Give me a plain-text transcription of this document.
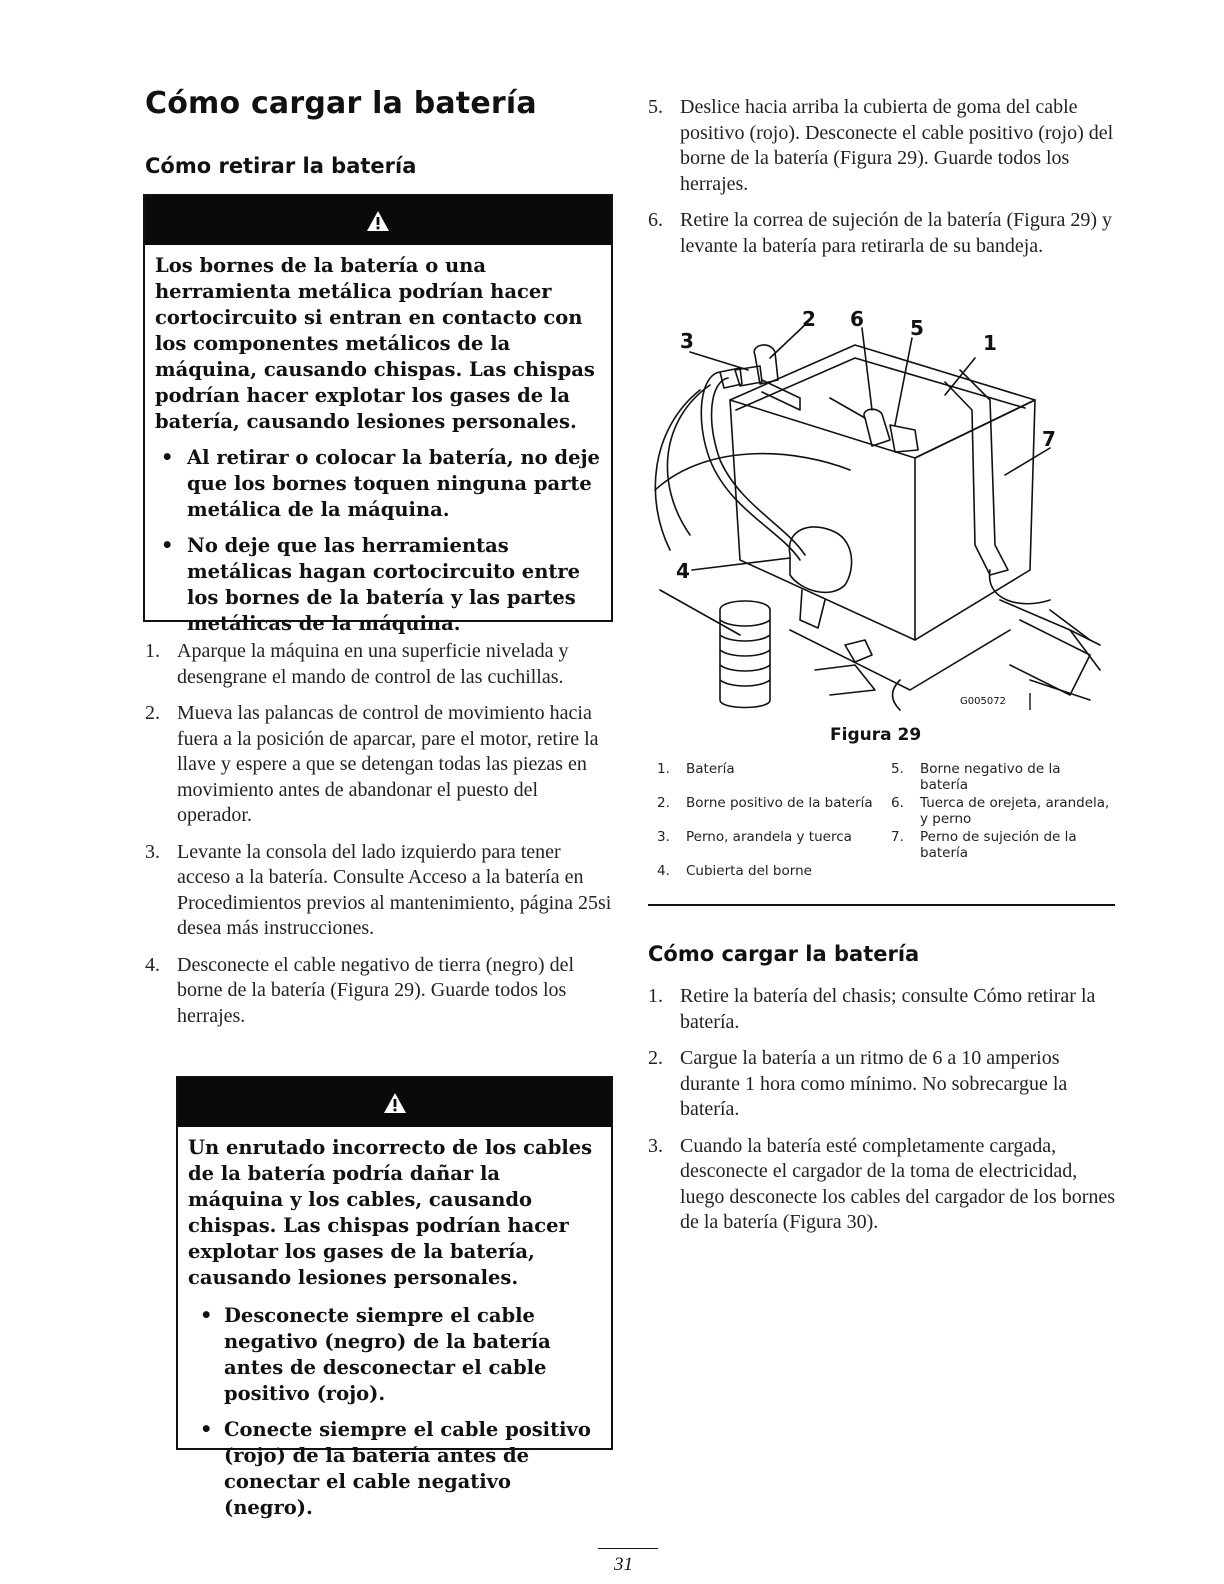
Cómo cargar la batería
Cómo retirar la batería

Los bornes de la batería o una herramienta metálica podrían hacer cortocircuito si entran en contacto con los componentes metálicos de la máquina, causando chispas. Las chispas podrían hacer explotar los gases de la batería, causando lesiones personales.

• Al retirar o colocar la batería, no deje que los bornes toquen ninguna parte metálica de la máquina.
• No deje que las herramientas metálicas hagan cortocircuito entre los bornes de la batería y las partes metálicas de la máquina.
1. Aparque la máquina en una superficie nivelada y desengrane el mando de control de las cuchillas.
2. Mueva las palancas de control de movimiento hacia fuera a la posición de aparcar, pare el motor, retire la llave y espere a que se detengan todas las piezas en movimiento antes de abandonar el puesto del operador.
3. Levante la consola del lado izquierdo para tener acceso a la batería. Consulte Acceso a la batería en Procedimientos previos al mantenimiento, página 25si desea más instrucciones.
4. Desconecte el cable negativo de tierra (negro) del borne de la batería (Figura 29). Guarde todos los herrajes.

Un enrutado incorrecto de los cables de la batería podría dañar la máquina y los cables, causando chispas. Las chispas podrían hacer explotar los gases de la batería, causando lesiones personales.

• Desconecte siempre el cable negativo (negro) de la batería antes de desconectar el cable positivo (rojo).
• Conecte siempre el cable positivo (rojo) de la batería antes de conectar el cable negativo (negro).
5. Deslice hacia arriba la cubierta de goma del cable positivo (rojo). Desconecte el cable positivo (rojo) del borne de la batería (Figura 29). Guarde todos los herrajes.
6. Retire la correa de sujeción de la batería (Figura 29) y levante la batería para retirarla de su bandeja.
3
2 6 5
1
7
4
G005072
Figura 29
1. Batería
2. Borne positivo de la batería
3. Perno, arandela y tuerca
4. Cubierta del borne
5. Borne negativo de la batería
6. Tuerca de orejeta, arandela, y perno
7. Perno de sujeción de la batería
Cómo cargar la batería
1. Retire la batería del chasis; consulte Cómo retirar la batería.
2. Cargue la batería a un ritmo de 6 a 10 amperios durante 1 hora como mínimo. No sobrecargue la batería.
3. Cuando la batería esté completamente cargada, desconecte el cargador de la toma de electricidad, luego desconecte los cables del cargador de los bornes de la batería (Figura 30).
31
